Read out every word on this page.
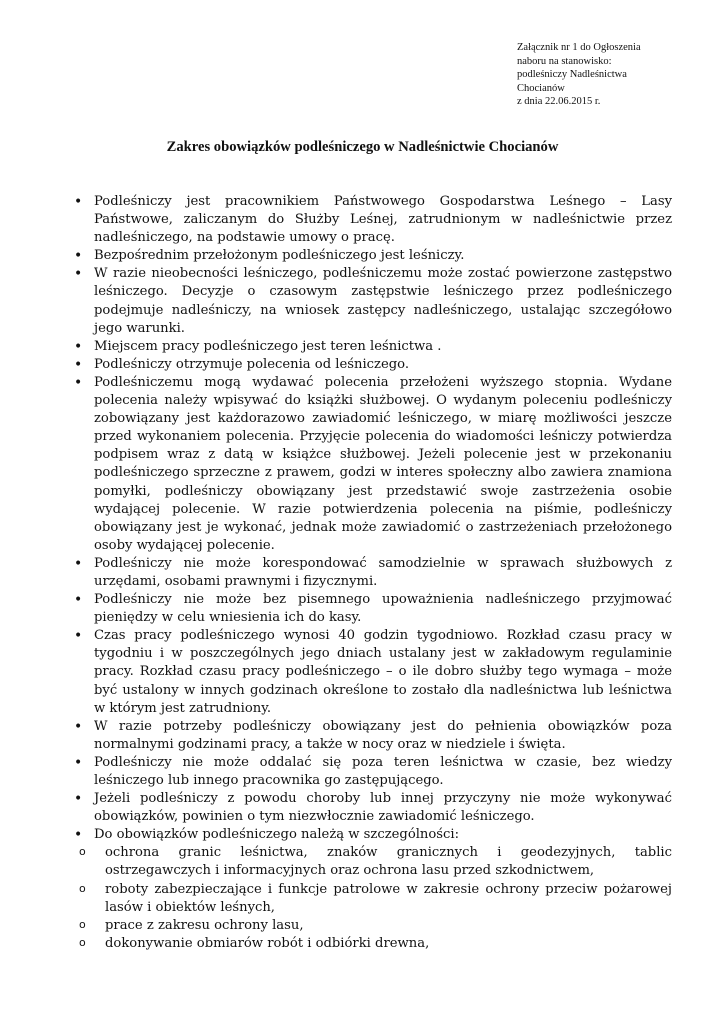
Załącznik nr 1 do Ogłoszenia
naboru na stanowisko:
podleśniczy Nadleśnictwa
Chocianów
z dnia 22.06.2015 r.
Zakres obowiązków podleśniczego w Nadleśnictwie Chocianów
• Podleśniczy jest pracownikiem Państwowego Gospodarstwa Leśnego – Lasy Państwowe, zaliczanym do Służby Leśnej, zatrudnionym w nadleśnictwie przez nadleśniczego, na podstawie umowy o pracę.
• Bezpośrednim przełożonym podleśniczego jest leśniczy.
• W razie nieobecności leśniczego, podleśniczemu może zostać powierzone zastępstwo leśniczego. Decyzje o czasowym zastępstwie leśniczego przez podleśniczego podejmuje nadleśniczy, na wniosek zastępcy nadleśniczego, ustalając szczegółowo jego warunki.
• Miejscem pracy podleśniczego jest teren leśnictwa .
• Podleśniczy otrzymuje polecenia od leśniczego.
• Podleśniczemu mogą wydawać polecenia przełożeni wyższego stopnia. Wydane polecenia należy wpisywać do książki służbowej. O wydanym poleceniu podleśniczy zobowiązany jest każdorazowo zawiadomić leśniczego, w miarę możliwości jeszcze przed wykonaniem polecenia. Przyjęcie polecenia do wiadomości leśniczy potwierdza podpisem wraz z datą w książce służbowej. Jeżeli polecenie jest w przekonaniu podleśniczego sprzeczne z prawem, godzi w interes społeczny albo zawiera znamiona pomyłki, podleśniczy obowiązany jest przedstawić swoje zastrzeżenia osobie wydającej polecenie. W razie potwierdzenia polecenia na piśmie, podleśniczy obowiązany jest je wykonać, jednak może zawiadomić o zastrzeżeniach przełożonego osoby wydającej polecenie.
• Podleśniczy nie może korespondować samodzielnie w sprawach służbowych z urzędami, osobami prawnymi i fizycznymi.
• Podleśniczy nie może bez pisemnego upoważnienia nadleśniczego przyjmować pieniędzy w celu wniesienia ich do kasy.
• Czas pracy podleśniczego wynosi 40 godzin tygodniowo. Rozkład czasu pracy w tygodniu i w poszczególnych jego dniach ustalany jest w zakładowym regulaminie pracy. Rozkład czasu pracy podleśniczego – o ile dobro służby tego wymaga – może być ustalony w innych godzinach określone to zostało dla nadleśnictwa lub leśnictwa w którym jest zatrudniony.
• W razie potrzeby podleśniczy obowiązany jest do pełnienia obowiązków poza normalnymi godzinami pracy, a także w nocy oraz w niedziele i święta.
• Podleśniczy nie może oddalać się poza teren leśnictwa w czasie, bez wiedzy leśniczego lub innego pracownika go zastępującego.
• Jeżeli podleśniczy z powodu choroby lub innej przyczyny nie może wykonywać obowiązków, powinien o tym niezwłocznie zawiadomić leśniczego.
• Do obowiązków podleśniczego należą w szczególności:
o ochrona granic leśnictwa, znaków granicznych i geodezyjnych, tablic ostrzegawczych i informacyjnych oraz ochrona lasu przed szkodnictwem,
o roboty zabezpieczające i funkcje patrolowe w zakresie ochrony przeciw pożarowej lasów i obiektów leśnych,
o prace z zakresu ochrony lasu,
o dokonywanie obmiarów robót i odbiórki drewna,
